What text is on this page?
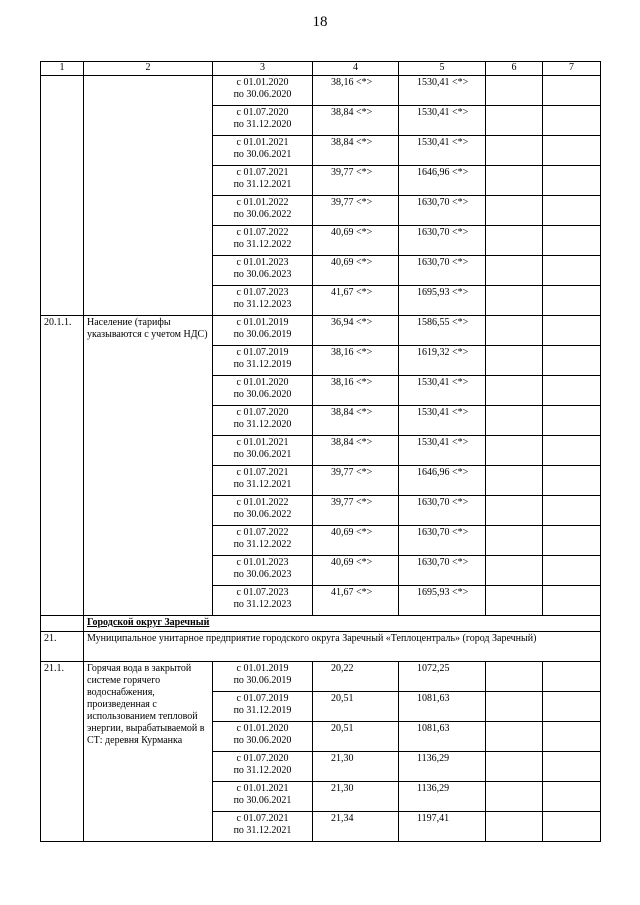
18
1	2	3	4	5	6	7

		с 01.01.2020
по 30.06.2020	38,16 <*>	1530,41 <*>		

		с 01.07.2020
по 31.12.2020	38,84 <*>	1530,41 <*>		

		с 01.01.2021
по 30.06.2021	38,84 <*>	1530,41 <*>		

		с 01.07.2021
по 31.12.2021	39,77 <*>	1646,96 <*>		

		с 01.01.2022
по 30.06.2022	39,77 <*>	1630,70 <*>		

		с 01.07.2022
по 31.12.2022	40,69 <*>	1630,70 <*>		

		с 01.01.2023
по 30.06.2023	40,69 <*>	1630,70 <*>		

		с 01.07.2023
по 31.12.2023	41,67 <*>	1695,93 <*>		
20.1.1.	Население (тарифы указываются с учетом НДС)	с 01.01.2019
по 30.06.2019	36,94 <*>	1586,55 <*>		

		с 01.07.2019
по 31.12.2019	38,16 <*>	1619,32 <*>		

		с 01.01.2020
по 30.06.2020	38,16 <*>	1530,41 <*>		

		с 01.07.2020
по 31.12.2020	38,84 <*>	1530,41 <*>		

		с 01.01.2021
по 30.06.2021	38,84 <*>	1530,41 <*>		

		с 01.07.2021
по 31.12.2021	39,77 <*>	1646,96 <*>		

		с 01.01.2022
по 30.06.2022	39,77 <*>	1630,70 <*>		

		с 01.07.2022
по 31.12.2022	40,69 <*>	1630,70 <*>		

		с 01.01.2023
по 30.06.2023	40,69 <*>	1630,70 <*>		

		с 01.07.2023
по 31.12.2023	41,67 <*>	1695,93 <*>		
	Городской округ Заречный					
21.	Муниципальное унитарное предприятие городского округа Заречный «Теплоцентраль» (город Заречный)					
21.1.	Горячая вода в закрытой системе горячего водоснабжения, произведенная с использованием тепловой энергии, вырабатываемой в СТ: деревня Курманка	с 01.01.2019
по 30.06.2019	20,22	1072,25		

		с 01.07.2019
по 31.12.2019	20,51	1081,63		

		с 01.01.2020
по 30.06.2020	20,51	1081,63		

		с 01.07.2020
по 31.12.2020	21,30	1136,29		

		с 01.01.2021
по 30.06.2021	21,30	1136,29		

		с 01.07.2021
по 31.12.2021	21,34	1197,41		
